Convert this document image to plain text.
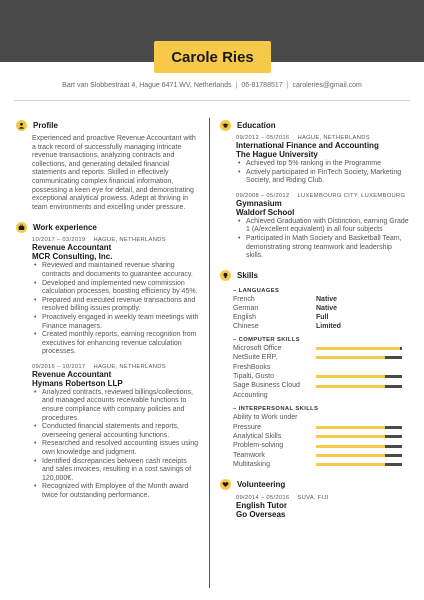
Carole Ries
Bart van Slobbestraat 4, Hague 6471 WV, Netherlands | 06-81788517 | caroleries@gmail.com
Profile

Experienced and proactive Revenue Accountant with a track record of successfully managing intricate revenue transactions, analyzing contracts and collections, and generating detailed financial statements and reports. Skilled in effectively communicating complex financial information, possessing a keen eye for detail, and demonstrating exceptional analytical prowess. Adept at thriving in team environments and excelling under pressure.

Work experience
10/2017 – 03/2019 HAGUE, NETHERLANDS
Revenue Accountant
MCR Consulting, Inc.
• Reviewed and maintained revenue sharing contracts and documents to guarantee accuracy.
• Developed and implemented new commission calculation processes, boosting efficiency by 45%.
• Prepared and executed revenue transactions and resolved billing issues promptly.
• Proactively engaged in weekly team meetings with Finance managers.
• Created monthly reports, earning recognition from executives for enhancing revenue calculation processes.
09/2016 – 10/2017 HAGUE, NETHERLANDS
Revenue Accountant
Hymans Robertson LLP
• Analyzed contracts, reviewed billings/collections, and managed accounts receivable functions to ensure compliance with company policies and procedures.
• Conducted financial statements and reports, overseeing general accounting functions.
• Researched and resolved accounting issues using own knowledge and judgment.
• Identified discrepancies between cash receipts and sales invoices, resulting in a cost savings of 120,000€.
• Recognized with Employee of the Month award twice for outstanding performance.
Education
09/2012 – 05/2016 HAGUE, NETHERLANDS
International Finance and Accounting
The Hague University
• Achieved top 5% ranking in the Programme
• Actively participated in FinTech Society, Marketing Society, and Riding Club.
09/2008 – 05/2012 LUXEMBOURG CITY, LUXEMBOURG
Gymnasium
Waldorf School
• Achieved Graduation with Distinction, earning Grade 1 (A/excellent equivalent) in all four subjects
• Participated in Math Society and Basketball Team, demonstrating strong teamwork and leadership skills.
Skills
– LANGUAGES
French	Native
German	Native
English	Full
Chinese	Limited
– COMPUTER SKILLS
Microsoft Office
NetSuite ERP,
FreshBooks
Tipalti, Gusto
Sage Business Cloud
Accounting
– INTERPERSONAL SKILLS
Ability to Work under
Pressure
Analytical Skills
Problem-solving
Teamwork
Multitasking
Volunteering
09/2014 – 05/2016 SUVA, FIJI
English Tutor
Go Overseas
